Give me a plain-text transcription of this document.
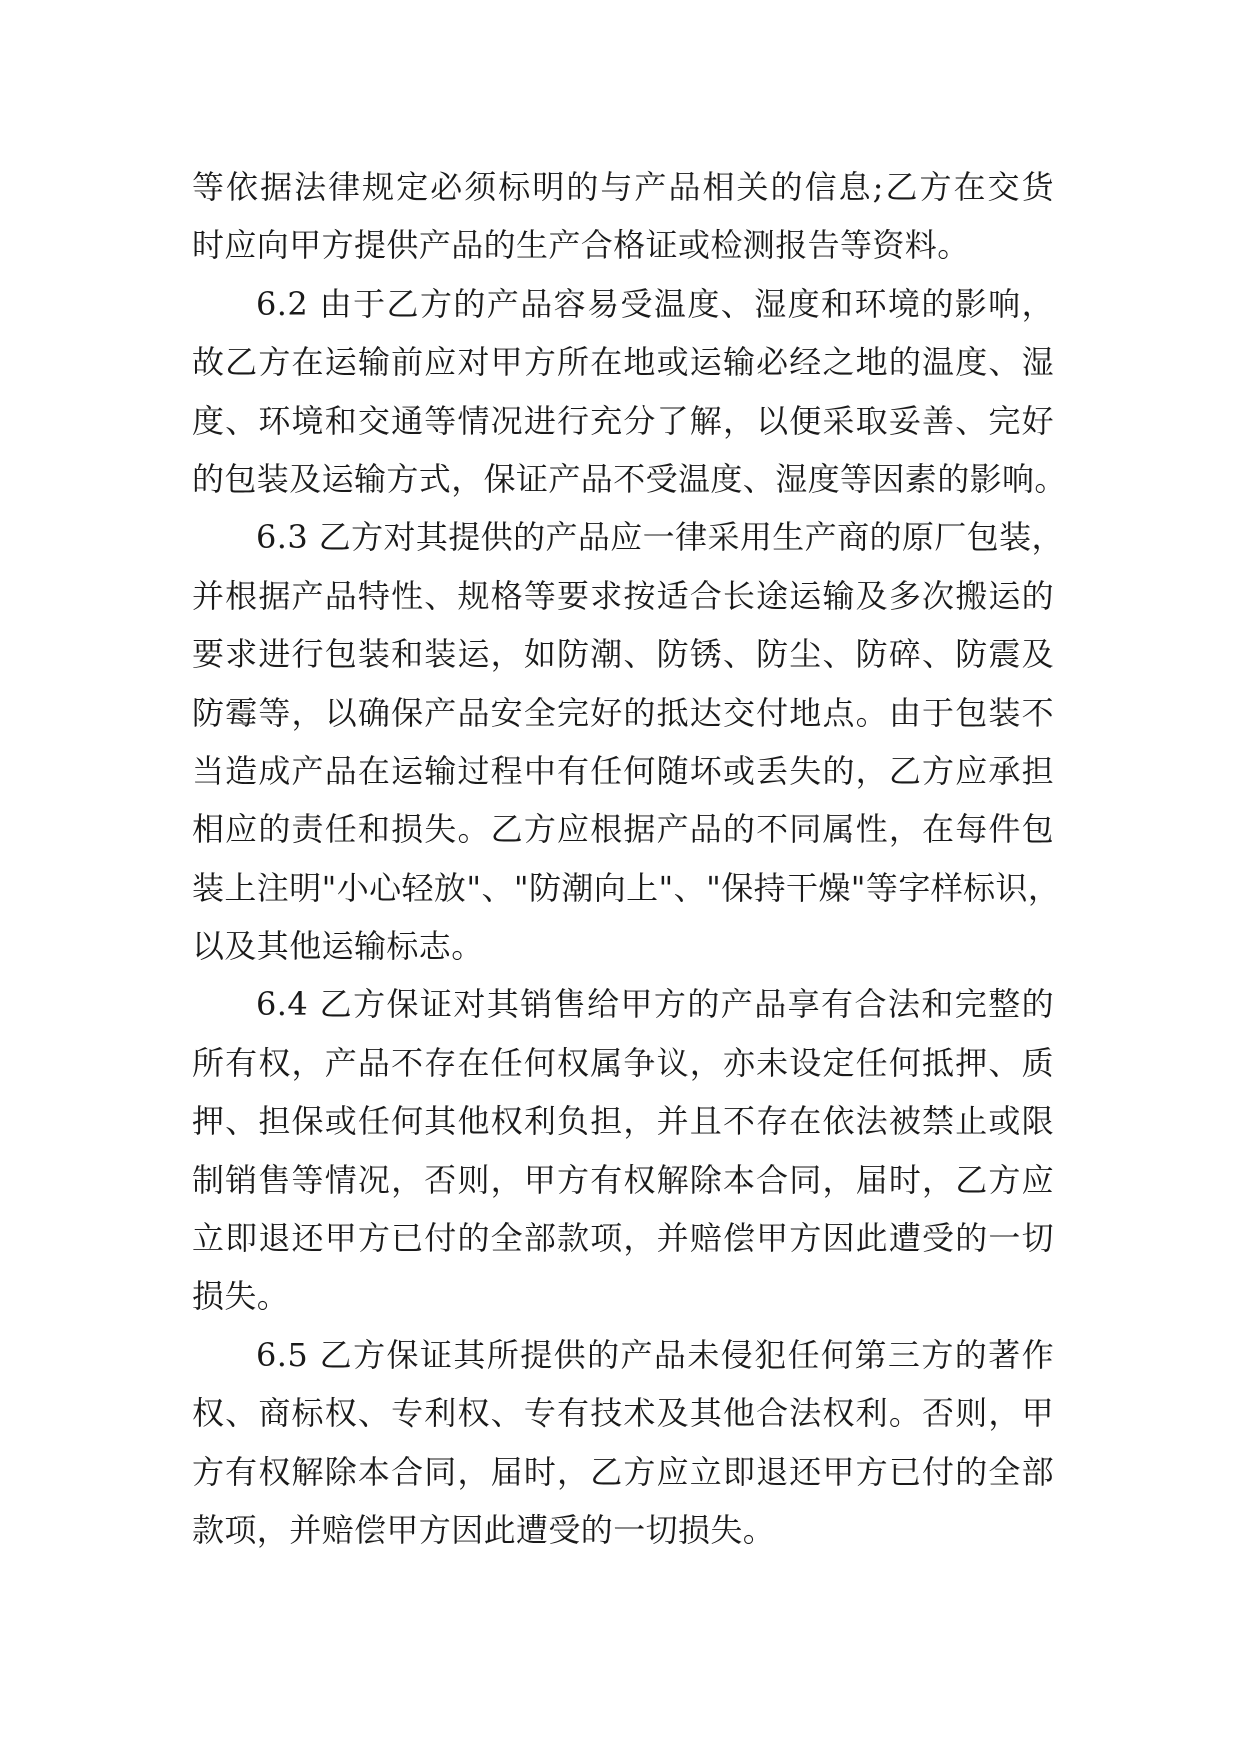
等依据法律规定必须标明的与产品相关的信息;乙方在交货
时应向甲方提供产品的生产合格证或检测报告等资料。
6.2 由于乙方的产品容易受温度、湿度和环境的影响，
故乙方在运输前应对甲方所在地或运输必经之地的温度、湿
度、环境和交通等情况进行充分了解，以便采取妥善、完好
的包装及运输方式，保证产品不受温度、湿度等因素的影响。
6.3 乙方对其提供的产品应一律采用生产商的原厂包装，
并根据产品特性、规格等要求按适合长途运输及多次搬运的
要求进行包装和装运，如防潮、防锈、防尘、防碎、防震及
防霉等，以确保产品安全完好的抵达交付地点。由于包装不
当造成产品在运输过程中有任何随坏或丢失的，乙方应承担
相应的责任和损失。乙方应根据产品的不同属性，在每件包
装上注明"小心轻放"、"防潮向上"、"保持干燥"等字样标识，
以及其他运输标志。
6.4 乙方保证对其销售给甲方的产品享有合法和完整的
所有权，产品不存在任何权属争议，亦未设定任何抵押、质
押、担保或任何其他权利负担，并且不存在依法被禁止或限
制销售等情况，否则，甲方有权解除本合同，届时，乙方应
立即退还甲方已付的全部款项，并赔偿甲方因此遭受的一切
损失。
6.5 乙方保证其所提供的产品未侵犯任何第三方的著作
权、商标权、专利权、专有技术及其他合法权利。否则，甲
方有权解除本合同，届时，乙方应立即退还甲方已付的全部
款项，并赔偿甲方因此遭受的一切损失。
